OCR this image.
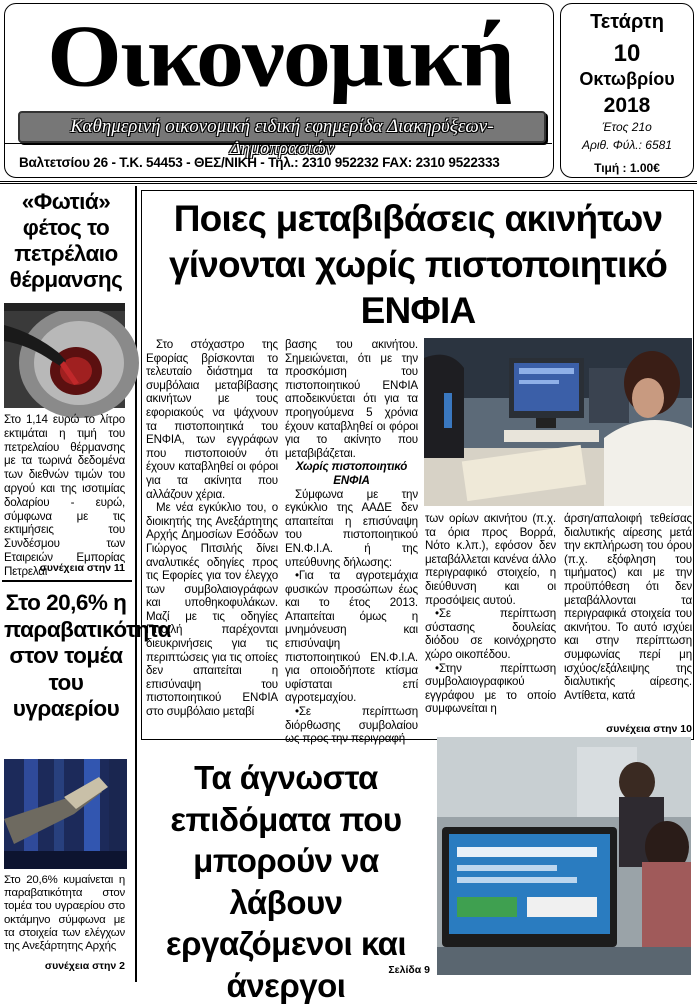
Οικονομική
Καθημερινή οικονομική ειδική εφημερίδα Διακηρύξεων-Δημοπρασιών
Βαλτετσίου 26 - Τ.Κ. 54453 - ΘΕΣ/ΝΙΚΗ - Τηλ.: 2310 952232 FAX: 2310 9522333
Τετάρτη
10
Οκτωβρίου
2018
Έτος 21ο
Αριθ. Φύλ.: 6581
Τιμή : 1.00€
«Φωτιά»
φέτος το πετρέλαιο θέρμανσης
Στο 1,14 ευρώ το λίτρο εκτιμάται η τιμή του πετρελαίου θέρμανσης με τα τωρινά δεδομένα των διεθνών τιμών του αργού και της ισοτιμίας δολαρίου - ευρώ, σύμφωνα με τις εκτιμήσεις του Συνδέσμου των Εταιρειών Εμπορίας Πετρελαι
συνέχεια στην 11
Στο 20,6% η παραβατικότητα στον τομέα του υγραερίου
Στο 20,6% κυμαίνεται η παραβατικότητα στον τομέα του υγραερίου στο οκτάμηνο σύμφωνα με τα στοιχεία των ελέγχων της Ανεξάρτητης Αρχής
συνέχεια στην 2
Ποιες μεταβιβάσεις ακινήτων γίνονται χωρίς πιστοποιητικό ΕΝΦΙΑ

Στο στόχαστρο της Εφορίας βρίσκονται το τελευταίο διάστημα τα συμβόλαια μεταβίβασης ακινήτων με τους εφοριακούς να ψάχνουν τα πιστοποιητικά του ΕΝΦΙΑ, των εγγράφων που πιστοποιούν ότι έχουν καταβληθεί οι φόροι για τα ακίνητα που αλλάζουν χέρια.

Με νέα εγκύκλιο του, ο διοικητής της Ανεξάρτητης Αρχής Δημοσίων Εσόδων Γιώργος Πιτσιλής δίνει αναλυτικές οδηγίες προς τις Εφορίες για τον έλεγχο των συμβολαιογράφων και υποθηκοφυλάκων. Μαζί με τις οδηγίες Πιτσιλή παρέχονται διευκρινήσεις για τις περιπτώσεις για τις οποίες δεν απαιτείται η επισύναψη του πιστοποιητικού ΕΝΦΙΑ στο συμβόλαιο μεταβί

βασης του ακινήτου. Σημειώνεται, ότι με την προσκόμιση του πιστοποιητικού ΕΝΦΙΑ αποδεικνύεται ότι για τα προηγούμενα 5 χρόνια έχουν καταβληθεί οι φόροι για το ακίνητο που μεταβιβάζεται.

Χωρίς πιστοποιητικό ΕΝΦΙΑ

Σύμφωνα με την εγκύκλιο της ΑΑΔΕ δεν απαιτείται η επισύναψη του πιστοποιητικού ΕΝ.Φ.Ι.Α. ή της υπεύθυνης δήλωσης:

•Για τα αγροτεμάχια φυσικών προσώπων έως και το έτος 2013. Απαιτείται όμως η μνημόνευση και επισύναψη πιστοποιητικού ΕΝ.Φ.Ι.Α. για οποιοδήποτε κτίσμα υφίσταται επί αγροτεμαχίου.

•Σε περίπτωση διόρθωσης συμβολαίου ως προς την περιγραφή

των ορίων ακινήτου (π.χ. τα όρια προς Βορρά, Νότο κ.λπ.), εφόσον δεν μεταβάλλεται κανένα άλλο περιγραφικό στοιχείο, η διεύθυνση και οι προσόψεις αυτού.

•Σε περίπτωση σύστασης δουλείας διόδου σε κοινόχρηστο χώρο οικοπέδου.

•Στην περίπτωση συμβολαιογραφικού εγγράφου με το οποίο συμφωνείται η

άρση/απαλοιφή τεθείσας διαλυτικής αίρεσης μετά την εκπλήρωση του όρου (π.χ. εξόφληση του τιμήματος) και με την προϋπόθεση ότι δεν μεταβάλλονται τα περιγραφικά στοιχεία του ακινήτου. Το αυτό ισχύει και στην περίπτωση συμφωνίας περί μη ισχύος/εξάλειψης της διαλυτικής αίρεσης. Αντίθετα, κατά

συνέχεια στην 10
Τα άγνωστα επιδόματα που μπορούν να λάβουν εργαζόμενοι και άνεργοι	Σελίδα 9
